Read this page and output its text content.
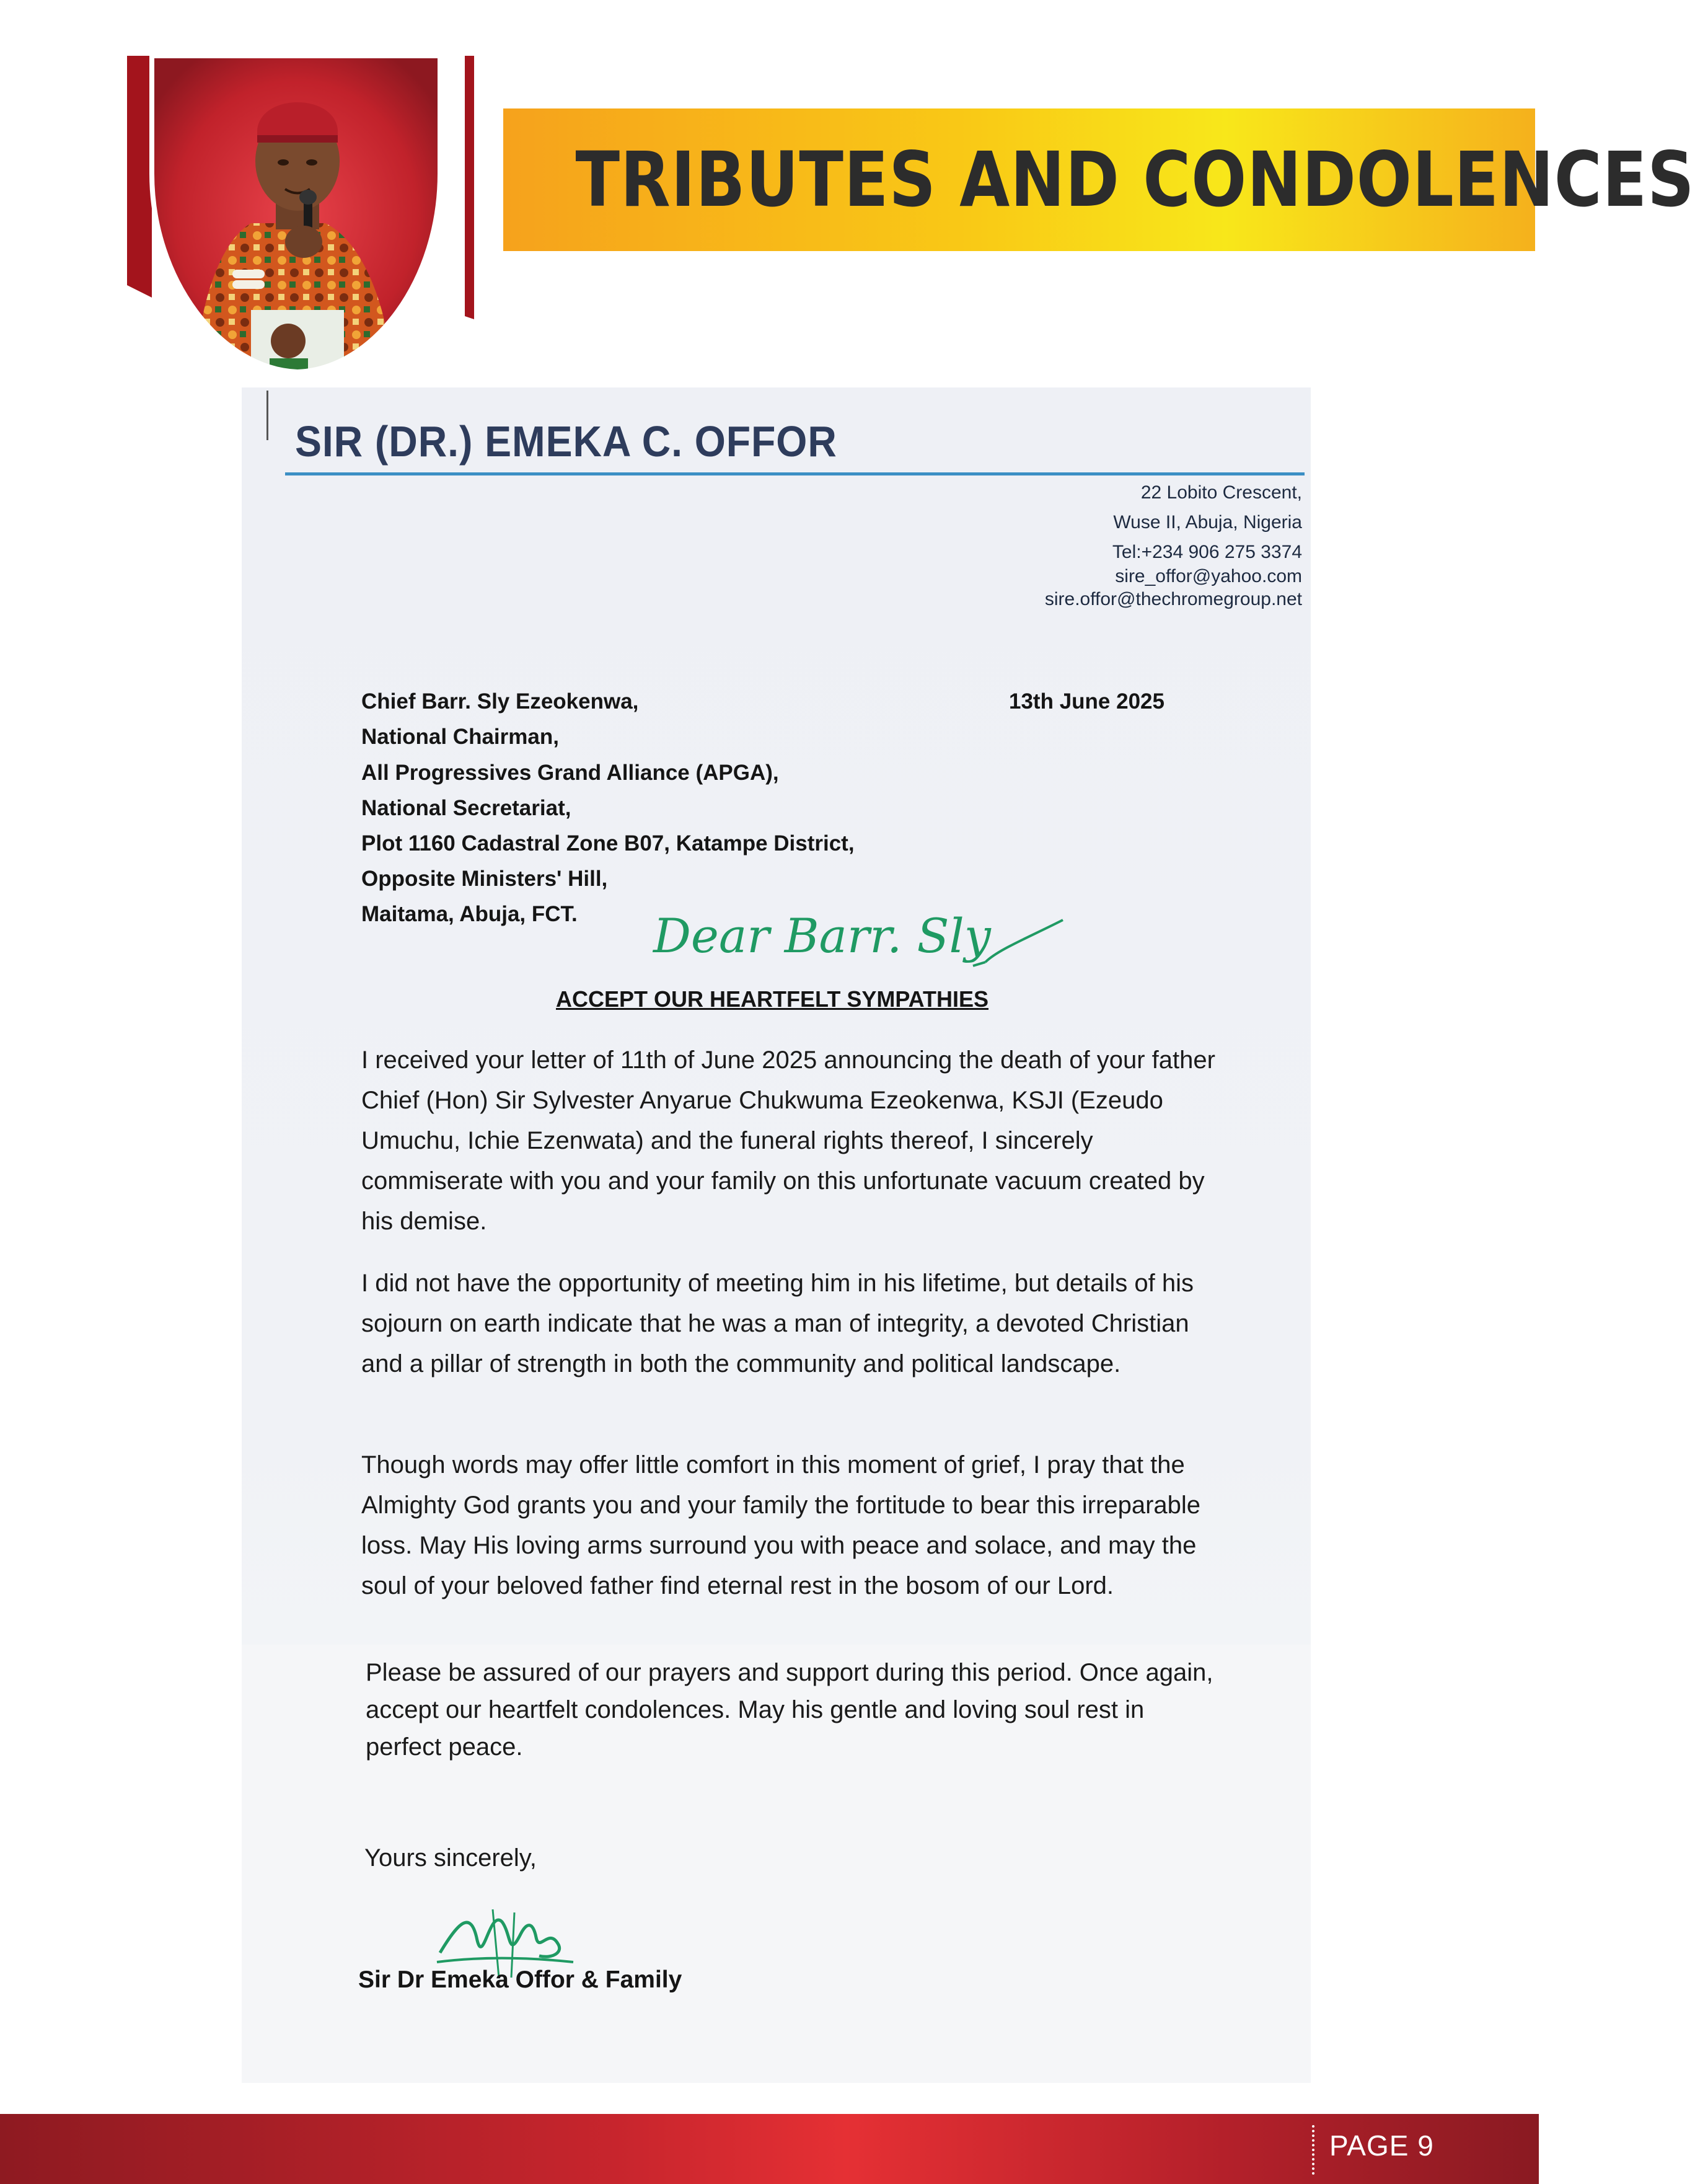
TRIBUTES AND CONDOLENCES
SIR (DR.) EMEKA C. OFFOR
22 Lobito Crescent,
Wuse II, Abuja, Nigeria
Tel:+234 906 275 3374
sire_offor@yahoo.com
sire.offor@thechromegroup.net
Chief Barr. Sly Ezeokenwa,
National Chairman,
All Progressives Grand Alliance (APGA),
National Secretariat,
Plot 1160 Cadastral Zone B07, Katampe District,
Opposite Ministers' Hill,
Maitama, Abuja, FCT.
13th June 2025
Dear Barr. Sly
ACCEPT OUR HEARTFELT SYMPATHIES

I received your letter of 11th of June 2025 announcing the death of your father Chief (Hon) Sir Sylvester Anyarue Chukwuma Ezeokenwa, KSJI (Ezeudo Umuchu, Ichie Ezenwata) and the funeral rights thereof, I sincerely commiserate with you and your family on this unfortunate vacuum created by his demise.

I did not have the opportunity of meeting him in his lifetime, but details of his sojourn on earth indicate that he was a man of integrity, a devoted Christian and a pillar of strength in both the community and political landscape.

Though words may offer little comfort in this moment of grief, I pray that the Almighty God grants you and your family the fortitude to bear this irreparable loss. May His loving arms surround you with peace and solace, and may the soul of your beloved father find eternal rest in the bosom of our Lord.

Please be assured of our prayers and support during this period. Once again, accept our heartfelt condolences. May his gentle and loving soul rest in perfect peace.

Yours sincerely,
Sir Dr Emeka Offor & Family
PAGE 9
